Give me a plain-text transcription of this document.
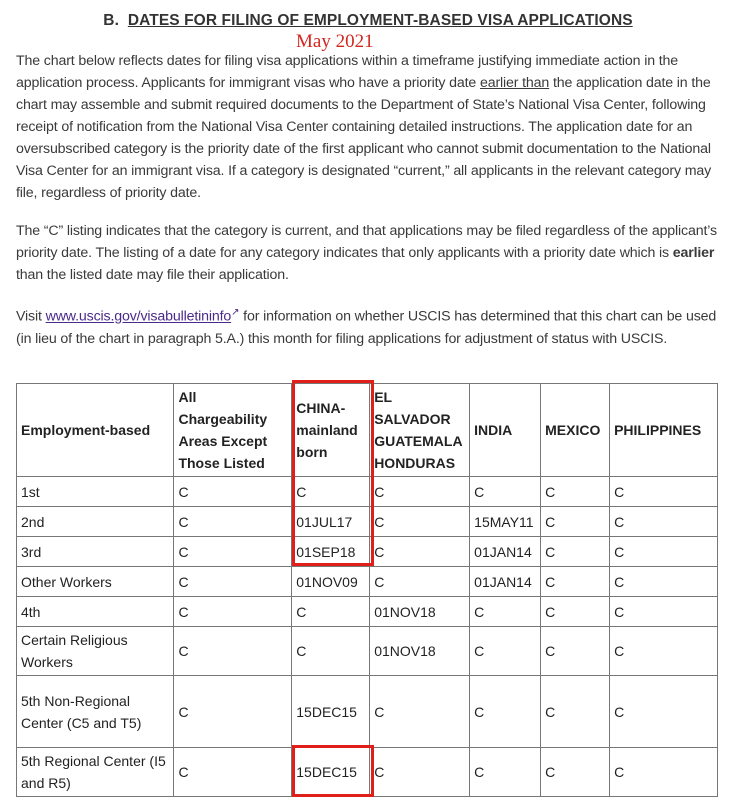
B. DATES FOR FILING OF EMPLOYMENT-BASED VISA APPLICATIONS
May 2021

The chart below reflects dates for filing visa applications within a timeframe justifying immediate action in the application process. Applicants for immigrant visas who have a priority date earlier than the application date in the chart may assemble and submit required documents to the Department of State’s National Visa Center, following receipt of notification from the National Visa Center containing detailed instructions. The application date for an oversubscribed category is the priority date of the first applicant who cannot submit documentation to the National Visa Center for an immigrant visa. If a category is designated “current,” all applicants in the relevant category may file, regardless of priority date.

The “C” listing indicates that the category is current, and that applications may be filed regardless of the applicant’s priority date. The listing of a date for any category indicates that only applicants with a priority date which is earlier than the listed date may file their application.

Visit www.uscis.gov/visabulletininfo↗ for information on whether USCIS has determined that this chart can be used (in lieu of the chart in paragraph 5.A.) this month for filing applications for adjustment of status with USCIS.

Employment-based	All Chargeability Areas Except Those Listed	CHINA-mainland born	EL SALVADOR GUATEMALA HONDURAS	INDIA	MEXICO	PHILIPPINES
1st	C	C	C	C	C	C
2nd	C	01JUL17	C	15MAY11	C	C
3rd	C	01SEP18	C	01JAN14	C	C
Other Workers	C	01NOV09	C	01JAN14	C	C
4th	C	C	01NOV18	C	C	C
Certain Religious Workers	C	C	01NOV18	C	C	C
5th Non-Regional Center (C5 and T5)	C	15DEC15	C	C	C	C
5th Regional Center (I5 and R5)	C	15DEC15	C	C	C	C
